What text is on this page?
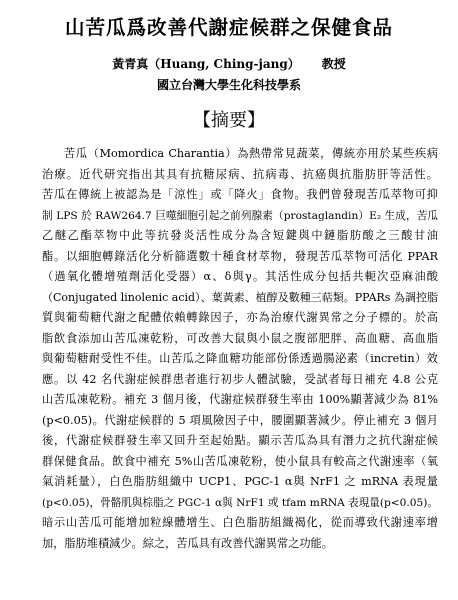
山苦瓜爲改善代謝症候群之保健食品
黃青真（Huang, Ching-jang） 教授
國立台灣大學生化科技學系
【摘要】
苦瓜（Momordica Charantia）為熱帶常見蔬菜，傳統亦用於某些疾病
治療。近代研究指出其具有抗糖尿病、抗病毒、抗癌與抗脂肪肝等活性。
苦瓜在傳統上被認為是「涼性」或「降火」食物。我們曾發現苦瓜萃物可抑
制 LPS 於 RAW264.7 巨噬細胞引起之前列腺素（prostaglandin）E₂ 生成，苦瓜
乙醚乙酯萃物中此等抗發炎活性成分為含短鍵與中鏈脂肪酸之三酸甘油
酯。以細胞轉錄活化分析篩選數十種食材萃物，發現苦瓜萃物可活化 PPAR
（過氧化體增殖劑活化受器）α、δ與γ。其活性成分包括共軛次亞麻油酸
（Conjugated linolenic acid）、葉黃素、植醇及數種三萜類。PPARs 為調控脂
質與葡萄糖代謝之配體依賴轉錄因子，亦為治療代謝異常之分子標的。於高
脂飲食添加山苦瓜凍乾粉，可改善大鼠與小鼠之腹部肥胖、高血糖、高血脂
與葡萄糖耐受性不佳。山苦瓜之降血糖功能部份係透過腸泌素（incretin）效
應。以 42 名代謝症候群患者進行初步人體試驗，受試者每日補充 4.8 公克
山苦瓜凍乾粉。補充 3 個月後，代謝症候群發生率由 100%顯著減少為 81%
(p<0.05)。代謝症候群的 5 項風險因子中，腰圍顯著減少。停止補充 3 個月
後，代謝症候群發生率又回升至起始點。顯示苦瓜為具有潛力之抗代謝症候
群保健食品。飲食中補充 5%山苦瓜凍乾粉，使小鼠具有較高之代謝速率（氧
氣消耗量），白色脂肪組織中 UCP1、PGC-1 α與 NrF1 之 mRNA 表現量
(p<0.05)，骨骼肌與棕脂之 PGC-1 α與 NrF1 或 tfam mRNA 表現量(p<0.05)。
暗示山苦瓜可能增加粒線體增生、白色脂肪組織褐化，從而導致代謝速率增
加，脂肪堆積減少。綜之，苦瓜具有改善代謝異常之功能。
